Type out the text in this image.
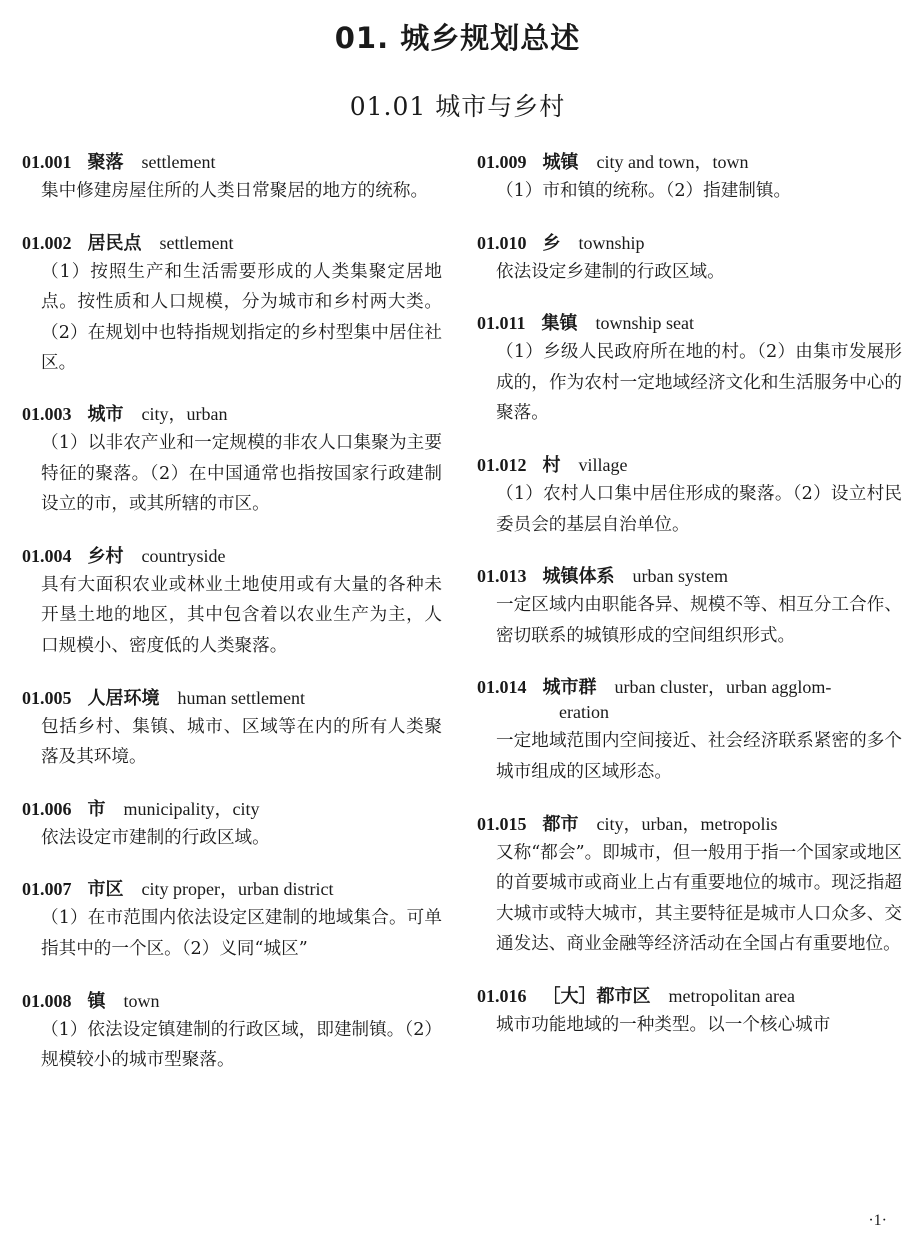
01. 城乡规划总述
01.01 城市与乡村
01.001 聚落 settlement
集中修建房屋住所的人类日常聚居的地方的统称。
01.002 居民点 settlement
（1）按照生产和生活需要形成的人类集聚定居地点。按性质和人口规模，分为城市和乡村两大类。（2）在规划中也特指规划指定的乡村型集中居住社区。
01.003 城市 city，urban
（1）以非农产业和一定规模的非农人口集聚为主要特征的聚落。（2）在中国通常也指按国家行政建制设立的市，或其所辖的市区。
01.004 乡村 countryside
具有大面积农业或林业土地使用或有大量的各种未开垦土地的地区，其中包含着以农业生产为主，人口规模小、密度低的人类聚落。
01.005 人居环境 human settlement
包括乡村、集镇、城市、区域等在内的所有人类聚落及其环境。
01.006 市 municipality，city
依法设定市建制的行政区域。
01.007 市区 city proper，urban district
（1）在市范围内依法设定区建制的地域集合。可单指其中的一个区。（2）义同“城区”
01.008 镇 town
（1）依法设定镇建制的行政区域，即建制镇。（2）规模较小的城市型聚落。
01.009 城镇 city and town，town
（1）市和镇的统称。（2）指建制镇。
01.010 乡 township
依法设定乡建制的行政区域。
01.011 集镇 township seat
（1）乡级人民政府所在地的村。（2）由集市发展形成的，作为农村一定地域经济文化和生活服务中心的聚落。
01.012 村 village
（1）农村人口集中居住形成的聚落。（2）设立村民委员会的基层自治单位。
01.013 城镇体系 urban system
一定区域内由职能各异、规模不等、相互分工合作、密切联系的城镇形成的空间组织形式。
01.014 城市群 urban cluster，urban agglom-
eration
一定地域范围内空间接近、社会经济联系紧密的多个城市组成的区域形态。
01.015 都市 city，urban，metropolis
又称“都会”。即城市，但一般用于指一个国家或地区的首要城市或商业上占有重要地位的城市。现泛指超大城市或特大城市，其主要特征是城市人口众多、交通发达、商业金融等经济活动在全国占有重要地位。
01.016 ［大］都市区 metropolitan area
城市功能地域的一种类型。以一个核心城市
·1·
